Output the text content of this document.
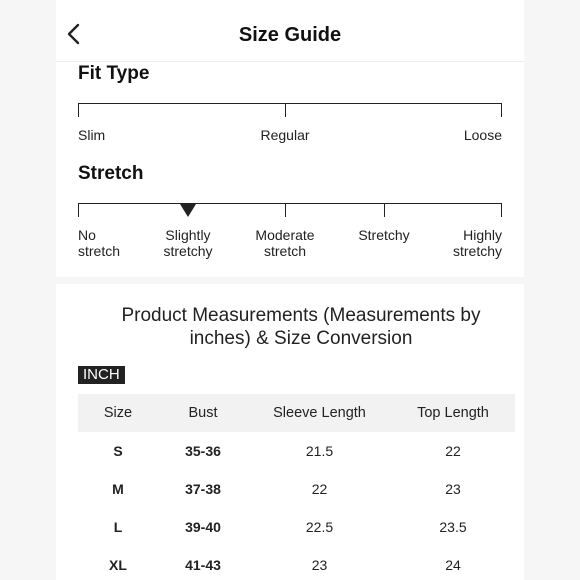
Size Guide
Fit Type
Slim	Regular	Loose
Stretch
No
stretch
Slightly
stretchy
Moderate
stretch
Stretchy	Highly
stretchy
Product Measurements (Measurements by
inches) & Size Conversion
INCH
Size	Bust	Sleeve Length	Top Length
S	35-36	21.5	22
M	37-38	22	23
L	39-40	22.5	23.5
XL	41-43	23	24
